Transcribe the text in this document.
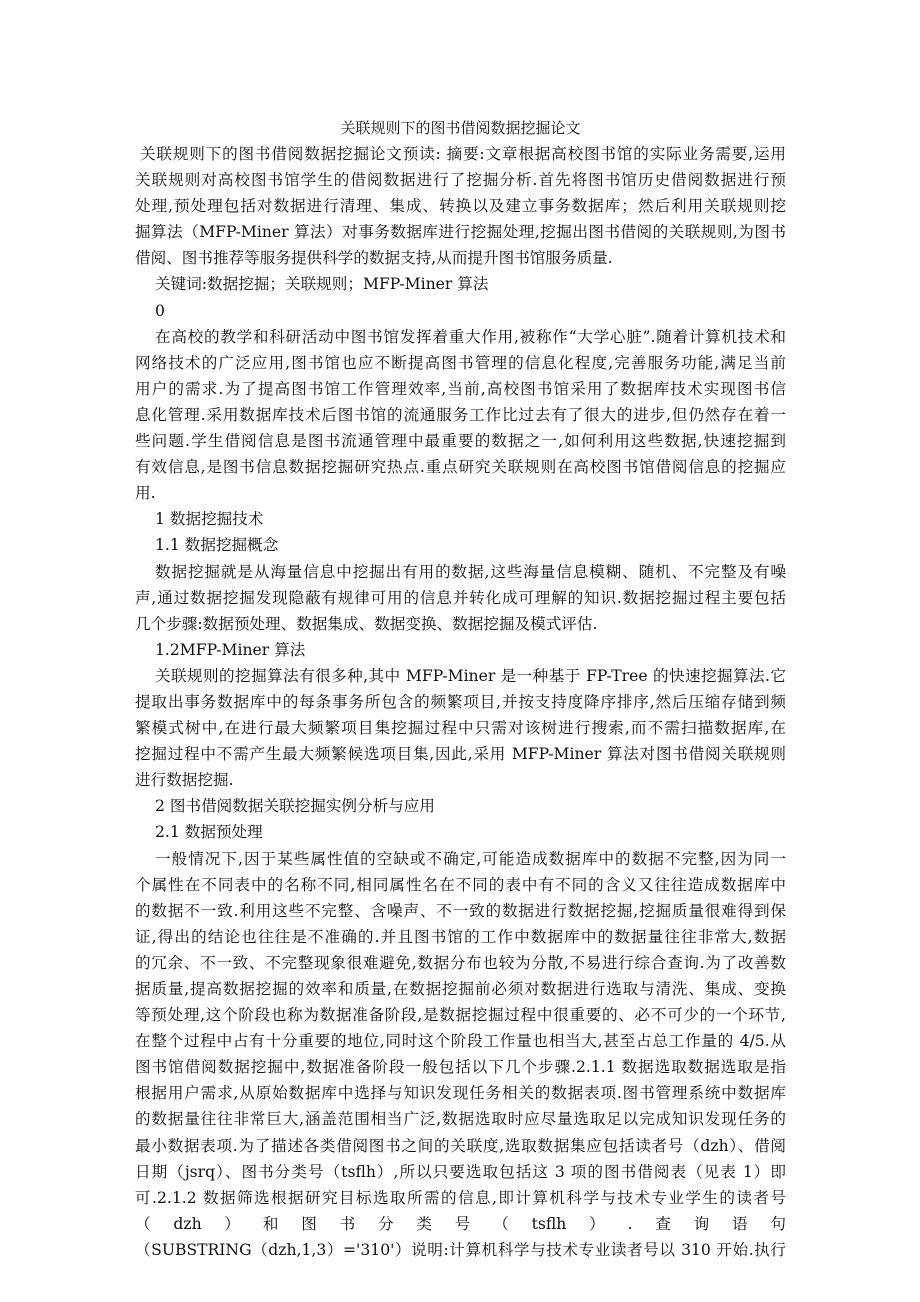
关联规则下的图书借阅数据挖掘论文
关联规则下的图书借阅数据挖掘论文预读: 摘要:文章根据高校图书馆的实际业务需要,运用
关联规则对高校图书馆学生的借阅数据进行了挖掘分析.首先将图书馆历史借阅数据进行预
处理,预处理包括对数据进行清理、集成、转换以及建立事务数据库；然后利用关联规则挖
掘算法（MFP-Miner 算法）对事务数据库进行挖掘处理,挖掘出图书借阅的关联规则,为图书
借阅、图书推荐等服务提供科学的数据支持,从而提升图书馆服务质量.
关键词:数据挖掘；关联规则；MFP-Miner 算法
0
在高校的教学和科研活动中图书馆发挥着重大作用,被称作“大学心脏”.随着计算机技术和
网络技术的广泛应用,图书馆也应不断提高图书管理的信息化程度,完善服务功能,满足当前
用户的需求.为了提高图书馆工作管理效率,当前,高校图书馆采用了数据库技术实现图书信
息化管理.采用数据库技术后图书馆的流通服务工作比过去有了很大的进步,但仍然存在着一
些问题.学生借阅信息是图书流通管理中最重要的数据之一,如何利用这些数据,快速挖掘到
有效信息,是图书信息数据挖掘研究热点.重点研究关联规则在高校图书馆借阅信息的挖掘应
用.
1 数据挖掘技术
1.1 数据挖掘概念
数据挖掘就是从海量信息中挖掘出有用的数据,这些海量信息模糊、随机、不完整及有噪
声,通过数据挖掘发现隐蔽有规律可用的信息并转化成可理解的知识.数据挖掘过程主要包括
几个步骤:数据预处理、数据集成、数据变换、数据挖掘及模式评估.
1.2MFP-Miner 算法
关联规则的挖掘算法有很多种,其中 MFP-Miner 是一种基于 FP-Tree 的快速挖掘算法.它
提取出事务数据库中的每条事务所包含的频繁项目,并按支持度降序排序,然后压缩存储到频
繁模式树中,在进行最大频繁项目集挖掘过程中只需对该树进行搜索,而不需扫描数据库,在
挖掘过程中不需产生最大频繁候选项目集,因此,采用 MFP-Miner 算法对图书借阅关联规则
进行数据挖掘.
2 图书借阅数据关联挖掘实例分析与应用
2.1 数据预处理
一般情况下,因于某些属性值的空缺或不确定,可能造成数据库中的数据不完整,因为同一
个属性在不同表中的名称不同,相同属性名在不同的表中有不同的含义又往往造成数据库中
的数据不一致.利用这些不完整、含噪声、不一致的数据进行数据挖掘,挖掘质量很难得到保
证,得出的结论也往往是不准确的.并且图书馆的工作中数据库中的数据量往往非常大,数据
的冗余、不一致、不完整现象很难避免,数据分布也较为分散,不易进行综合查询.为了改善数
据质量,提高数据挖掘的效率和质量,在数据挖掘前必须对数据进行选取与清洗、集成、变换
等预处理,这个阶段也称为数据准备阶段,是数据挖掘过程中很重要的、必不可少的一个环节,
在整个过程中占有十分重要的地位,同时这个阶段工作量也相当大,甚至占总工作量的 4/5.从
图书馆借阅数据挖掘中,数据准备阶段一般包括以下几个步骤.2.1.1 数据选取数据选取是指
根据用户需求,从原始数据库中选择与知识发现任务相关的数据表项.图书管理系统中数据库
的数据量往往非常巨大,涵盖范围相当广泛,数据选取时应尽量选取足以完成知识发现任务的
最小数据表项.为了描述各类借阅图书之间的关联度,选取数据集应包括读者号（dzh）、借阅
日期（jsrq）、图书分类号（tsflh）,所以只要选取包括这 3 项的图书借阅表（见表 1）即
可.2.1.2 数据筛选根据研究目标选取所需的信息,即计算机科学与技术专业学生的读者号
（dzh）和图书分类号（tsflh）.查询语句
（SUBSTRING（dzh,1,3）='310'）说明:计算机科学与技术专业读者号以 310 开始.执行
